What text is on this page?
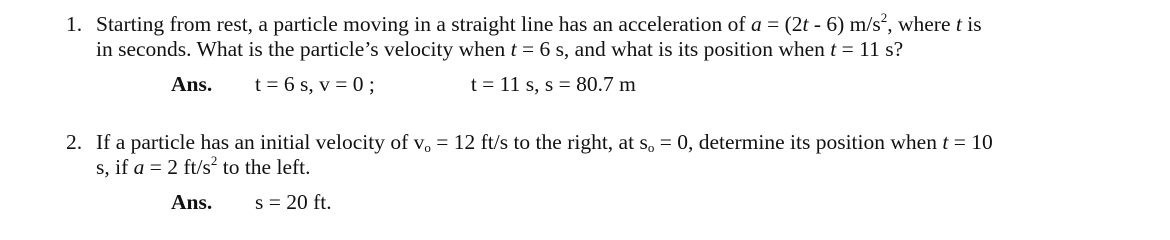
1. Starting from rest, a particle moving in a straight line has an acceleration of a = (2t - 6) $m/s^2$, where t is
in seconds. What is the particle’s velocity when t = 6 s, and what is its position when t = 11 s?
Ans. t = 6 s, v = 0 ;	t = 11 s, s = 80.7 m
2. If a particle has an initial velocity of $v_o = 12$ ft/s to the right, at $s_o = 0$, determine its position when t = 10
s, if a = 2 $ft/s^2$ to the left.
Ans. s = 20 ft.
